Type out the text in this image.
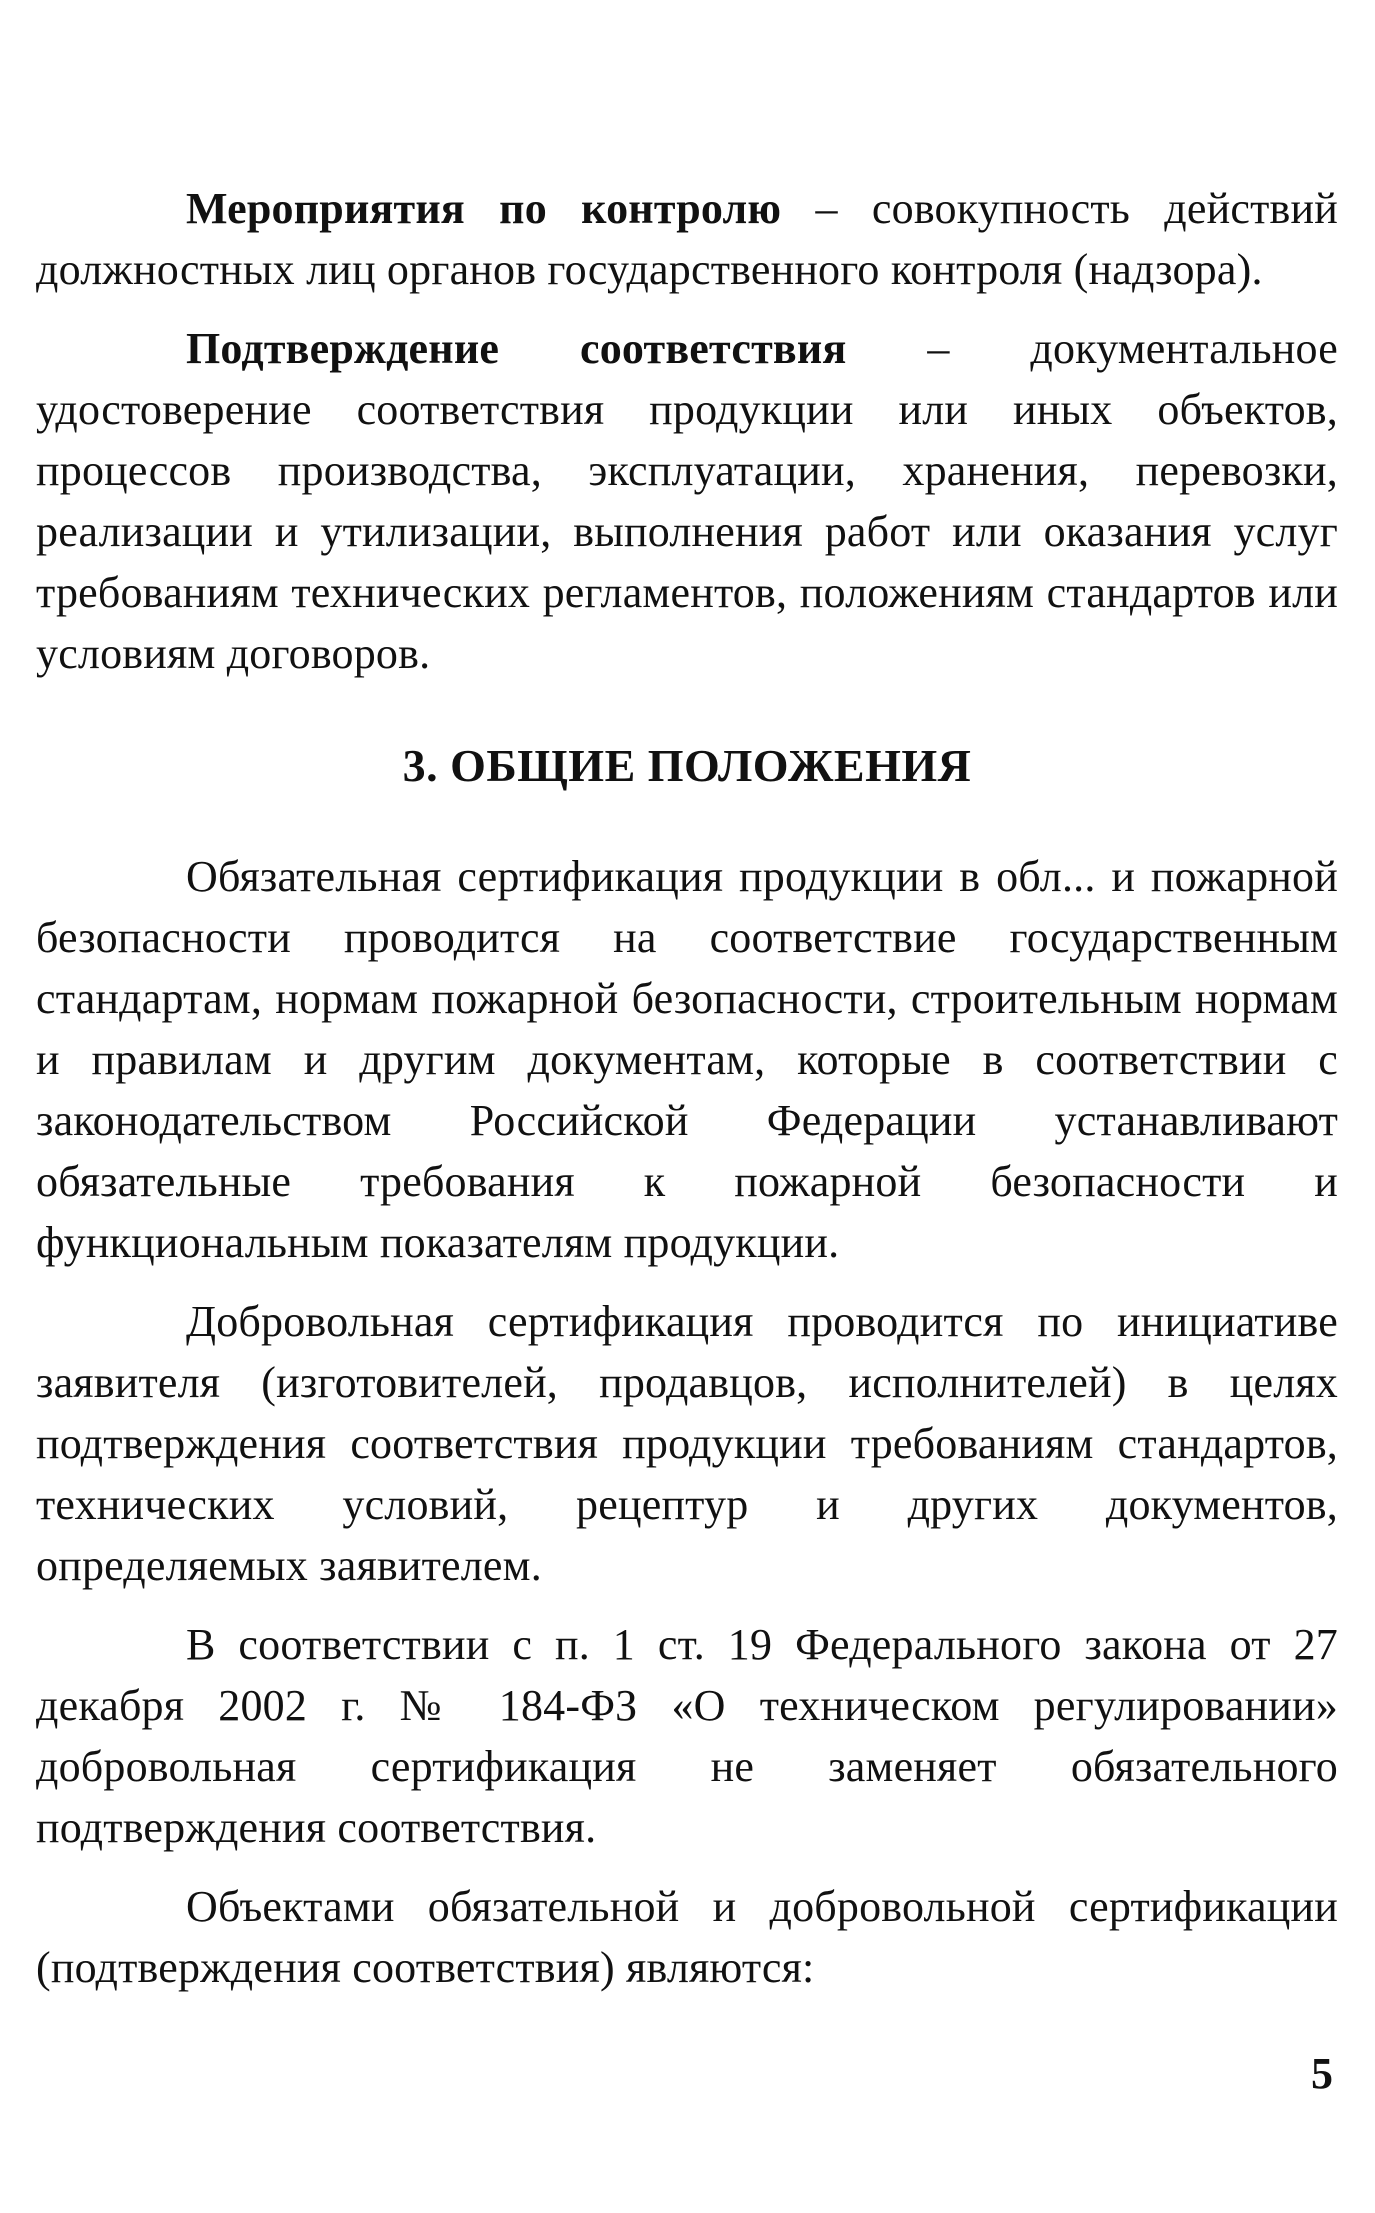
Мероприятия по контролю – совокупность действий должностных лиц органов государственного контроля (надзора).

Подтверждение соответствия – документальное удостоверение соответствия продукции или иных объектов, процессов производства, эксплуатации, хранения, перевозки, реализации и утилизации, выполнения работ или оказания услуг требованиям технических регламентов, положениям стандартов или условиям договоров.

3. ОБЩИЕ ПОЛОЖЕНИЯ

Обязательная сертификация продукции в обл... и пожарной безопасности проводится на соответствие государственным стандартам, нормам пожарной безопасности, строительным нормам и правилам и другим документам, которые в соответствии с законодательством Российской Федерации устанавливают обязательные требования к пожарной безопасности и функциональным показателям продукции.

Добровольная сертификация проводится по инициативе заявителя (изготовителей, продавцов, исполнителей) в целях подтверждения соответствия продукции требованиям стандартов, технических условий, рецептур и других документов, определяемых заявителем.

В соответствии с п. 1 ст. 19 Федерального закона от 27 декабря 2002 г. № 184-ФЗ «О техническом регулировании» добровольная сертификация не заменяет обязательного подтверждения соответствия.

Объектами обязательной и добровольной сертификации (подтверждения соответствия) являются:

5
